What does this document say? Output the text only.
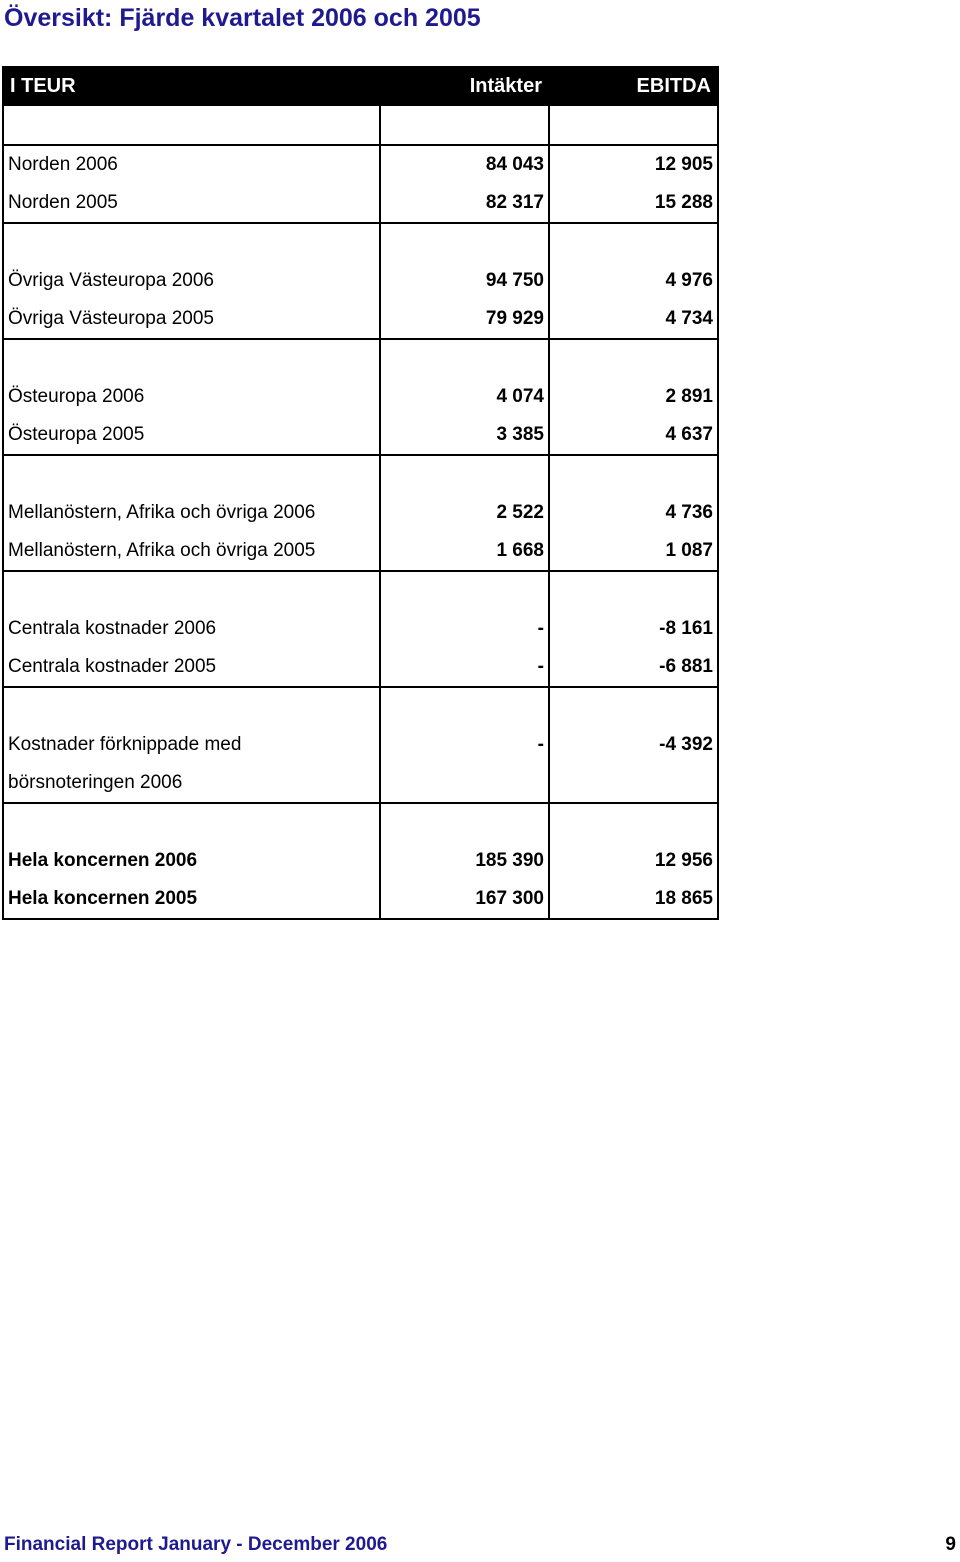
Översikt: Fjärde kvartalet 2006 och 2005
I TEUR	Intäkter	EBITDA

Norden 2006	84 043	12 905
Norden 2005	82 317	15 288

Övriga Västeuropa 2006	94 750	4 976
Övriga Västeuropa 2005	79 929	4 734

Östeuropa 2006	4 074	2 891
Östeuropa 2005	3 385	4 637

Mellanöstern, Afrika och övriga 2006	2 522	4 736
Mellanöstern, Afrika och övriga 2005	1 668	1 087

Centrala kostnader 2006	-	-8 161
Centrala kostnader 2005	-	-6 881

Kostnader förknippade med	-	-4 392
börsnoteringen 2006		

Hela koncernen 2006	185 390	12 956
Hela koncernen 2005	167 300	18 865
Financial Report January - December 2006	9
